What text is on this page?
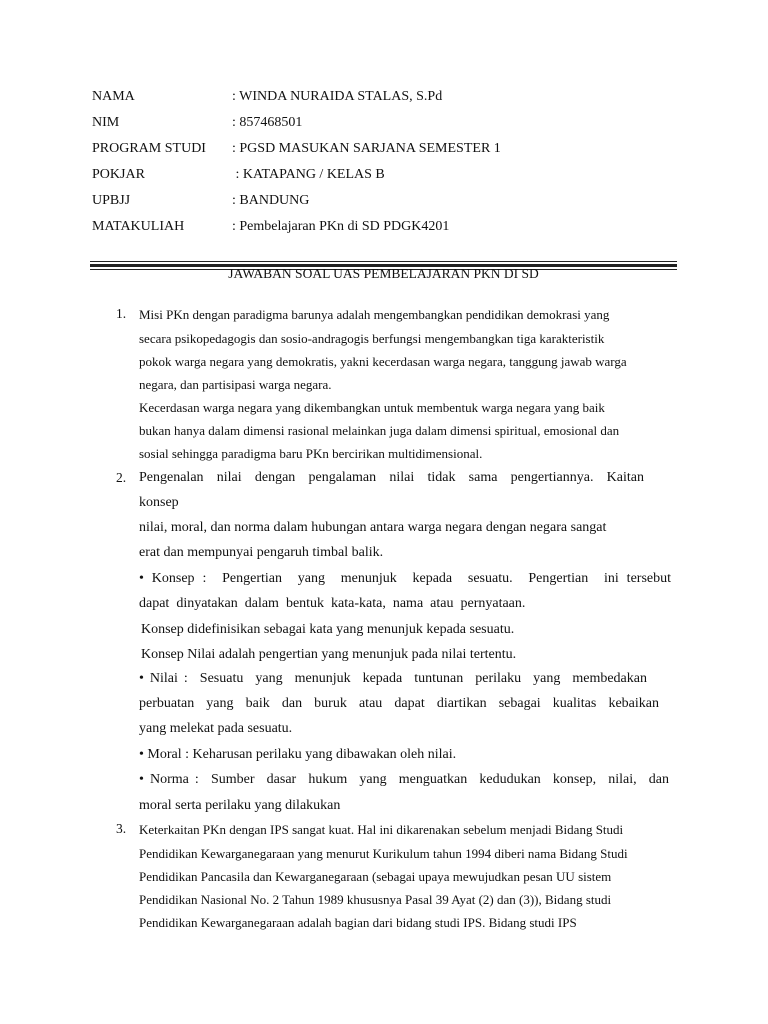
NAMA	: WINDA NURAIDA STALAS, S.Pd
NIM	: 857468501
PROGRAM STUDI : PGSD MASUKAN SARJANA SEMESTER 1
POKJAR	: KATAPANG / KELAS B
UPBJJ	: BANDUNG
MATAKULIAH	: Pembelajaran PKn di SD PDGK4201
JAWABAN SOAL UAS PEMBELAJARAN PKN DI SD
1. Misi PKn dengan paradigma barunya adalah mengembangkan pendidikan demokrasi yang
secara psikopedagogis dan sosio-andragogis berfungsi mengembangkan tiga karakteristik
pokok warga negara yang demokratis, yakni kecerdasan warga negara, tanggung jawab warga
negara, dan partisipasi warga negara.
Kecerdasan warga negara yang dikembangkan untuk membentuk warga negara yang baik
bukan hanya dalam dimensi rasional melainkan juga dalam dimensi spiritual, emosional dan
sosial sehingga paradigma baru PKn bercirikan multidimensional.
2. Pengenalan nilai dengan pengalaman nilai tidak sama pengertiannya. Kaitan
konsep
nilai, moral, dan norma dalam hubungan antara warga negara dengan negara sangat
erat dan mempunyai pengaruh timbal balik.
• Konsep :  Pengertian  yang  menunjuk  kepada  sesuatu.  Pengertian  ini tersebut
dapat  dinyatakan  dalam  bentuk  kata-kata,  nama  atau  pernyataan.
Konsep didefinisikan sebagai kata yang menunjuk kepada sesuatu.
Konsep Nilai adalah pengertian yang menunjuk pada nilai tertentu.
• Nilai :  Sesuatu  yang  menunjuk  kepada  tuntunan  perilaku  yang  membedakan
perbuatan  yang  baik  dan  buruk  atau  dapat  diartikan  sebagai  kualitas  kebaikan
yang melekat pada sesuatu.
• Moral : Keharusan perilaku yang dibawakan oleh nilai.
• Norma :  Sumber  dasar  hukum  yang  menguatkan  kedudukan  konsep,  nilai,  dan
moral serta perilaku yang dilakukan
3. Keterkaitan PKn dengan IPS sangat kuat. Hal ini dikarenakan sebelum menjadi Bidang Studi
Pendidikan Kewarganegaraan yang menurut Kurikulum tahun 1994 diberi nama Bidang Studi
Pendidikan Pancasila dan Kewarganegaraan (sebagai upaya mewujudkan pesan UU sistem
Pendidikan Nasional No. 2 Tahun 1989 khususnya Pasal 39 Ayat (2) dan (3)), Bidang studi
Pendidikan Kewarganegaraan adalah bagian dari bidang studi IPS. Bidang studi IPS
